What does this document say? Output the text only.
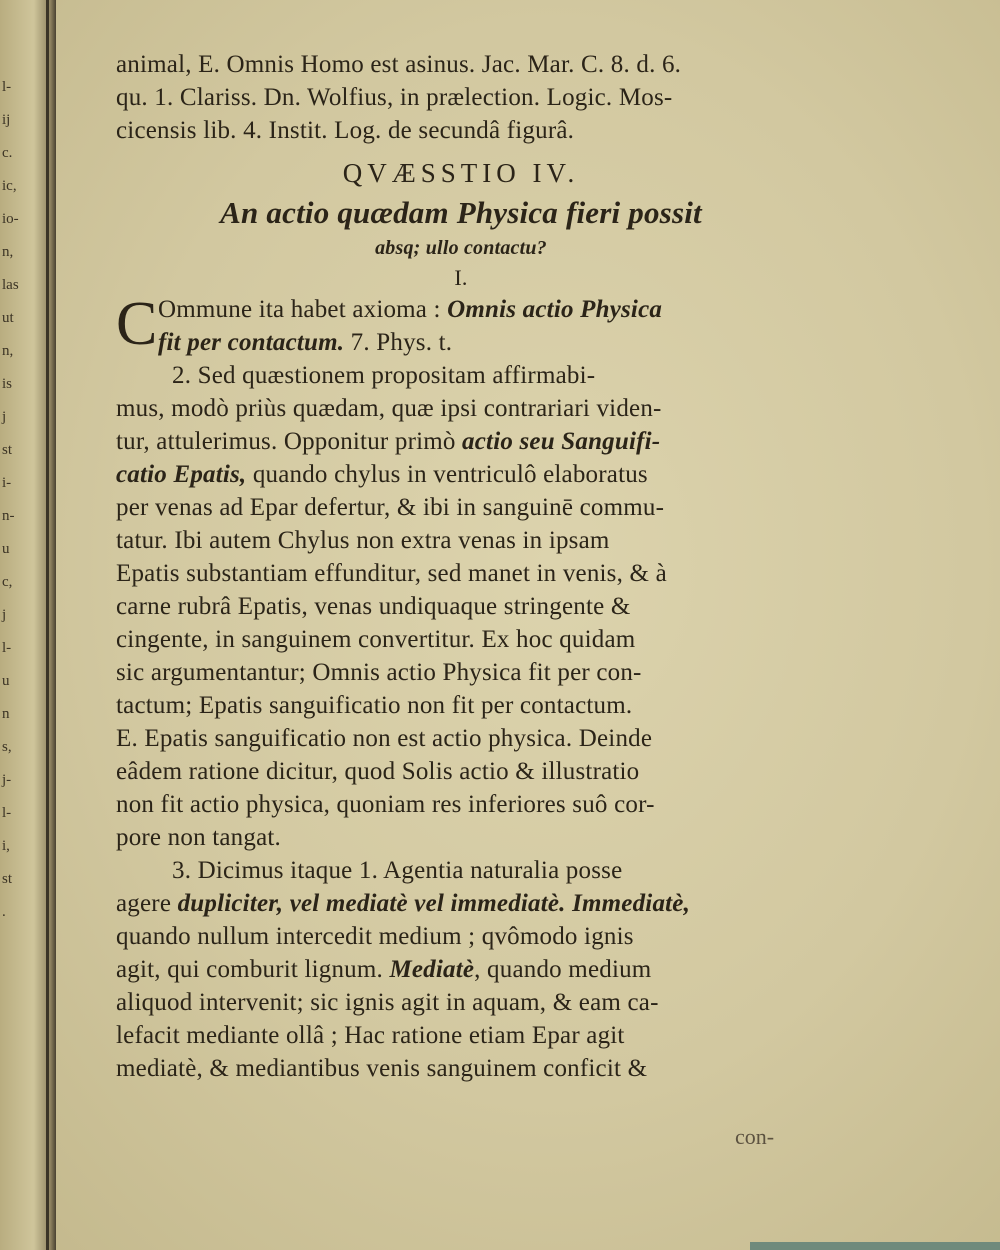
l-
ij
c.
ic,
io-
n,
las
ut
n,
is
j
st
i-
n-
u
c,
j
l-
u
n
s,
j-
l-
i,
st
.
animal, E. Omnis Homo est asinus. Jac. Mar. C. 8. d. 6.
qu. 1. Clariss. Dn. Wolfius, in prælection. Logic. Mos-
cicensis lib. 4. Instit. Log. de secundâ figurâ.
QVÆSSTIO IV.
An actio quædam Physica fieri possit
absq; ullo contactu?
I.
C Ommune ita habet axioma : Omnis actio Physica
fit per contactum. 7. Phys. t.
2. Sed quæstionem propositam affirmabi-
mus, modò priùs quædam, quæ ipsi contrariari viden-
tur, attulerimus. Opponitur primò actio seu Sanguifi-
catio Epatis, quando chylus in ventriculô elaboratus
per venas ad Epar defertur, & ibi in sanguinē commu-
tatur. Ibi autem Chylus non extra venas in ipsam
Epatis substantiam effunditur, sed manet in venis, & à
carne rubrâ Epatis, venas undiquaque stringente &
cingente, in sanguinem convertitur. Ex hoc quidam
sic argumentantur; Omnis actio Physica fit per con-
tactum; Epatis sanguificatio non fit per contactum.
E. Epatis sanguificatio non est actio physica. Deinde
eâdem ratione dicitur, quod Solis actio & illustratio
non fit actio physica, quoniam res inferiores suô cor-
pore non tangat.
3. Dicimus itaque 1. Agentia naturalia posse
agere dupliciter, vel mediatè vel immediatè. Immediatè,
quando nullum intercedit medium ; qvômodo ignis
agit, qui comburit lignum. Mediatè, quando medium
aliquod intervenit; sic ignis agit in aquam, & eam ca-
lefacit mediante ollâ ; Hac ratione etiam Epar agit
mediatè, & mediantibus venis sanguinem conficit &
con-
